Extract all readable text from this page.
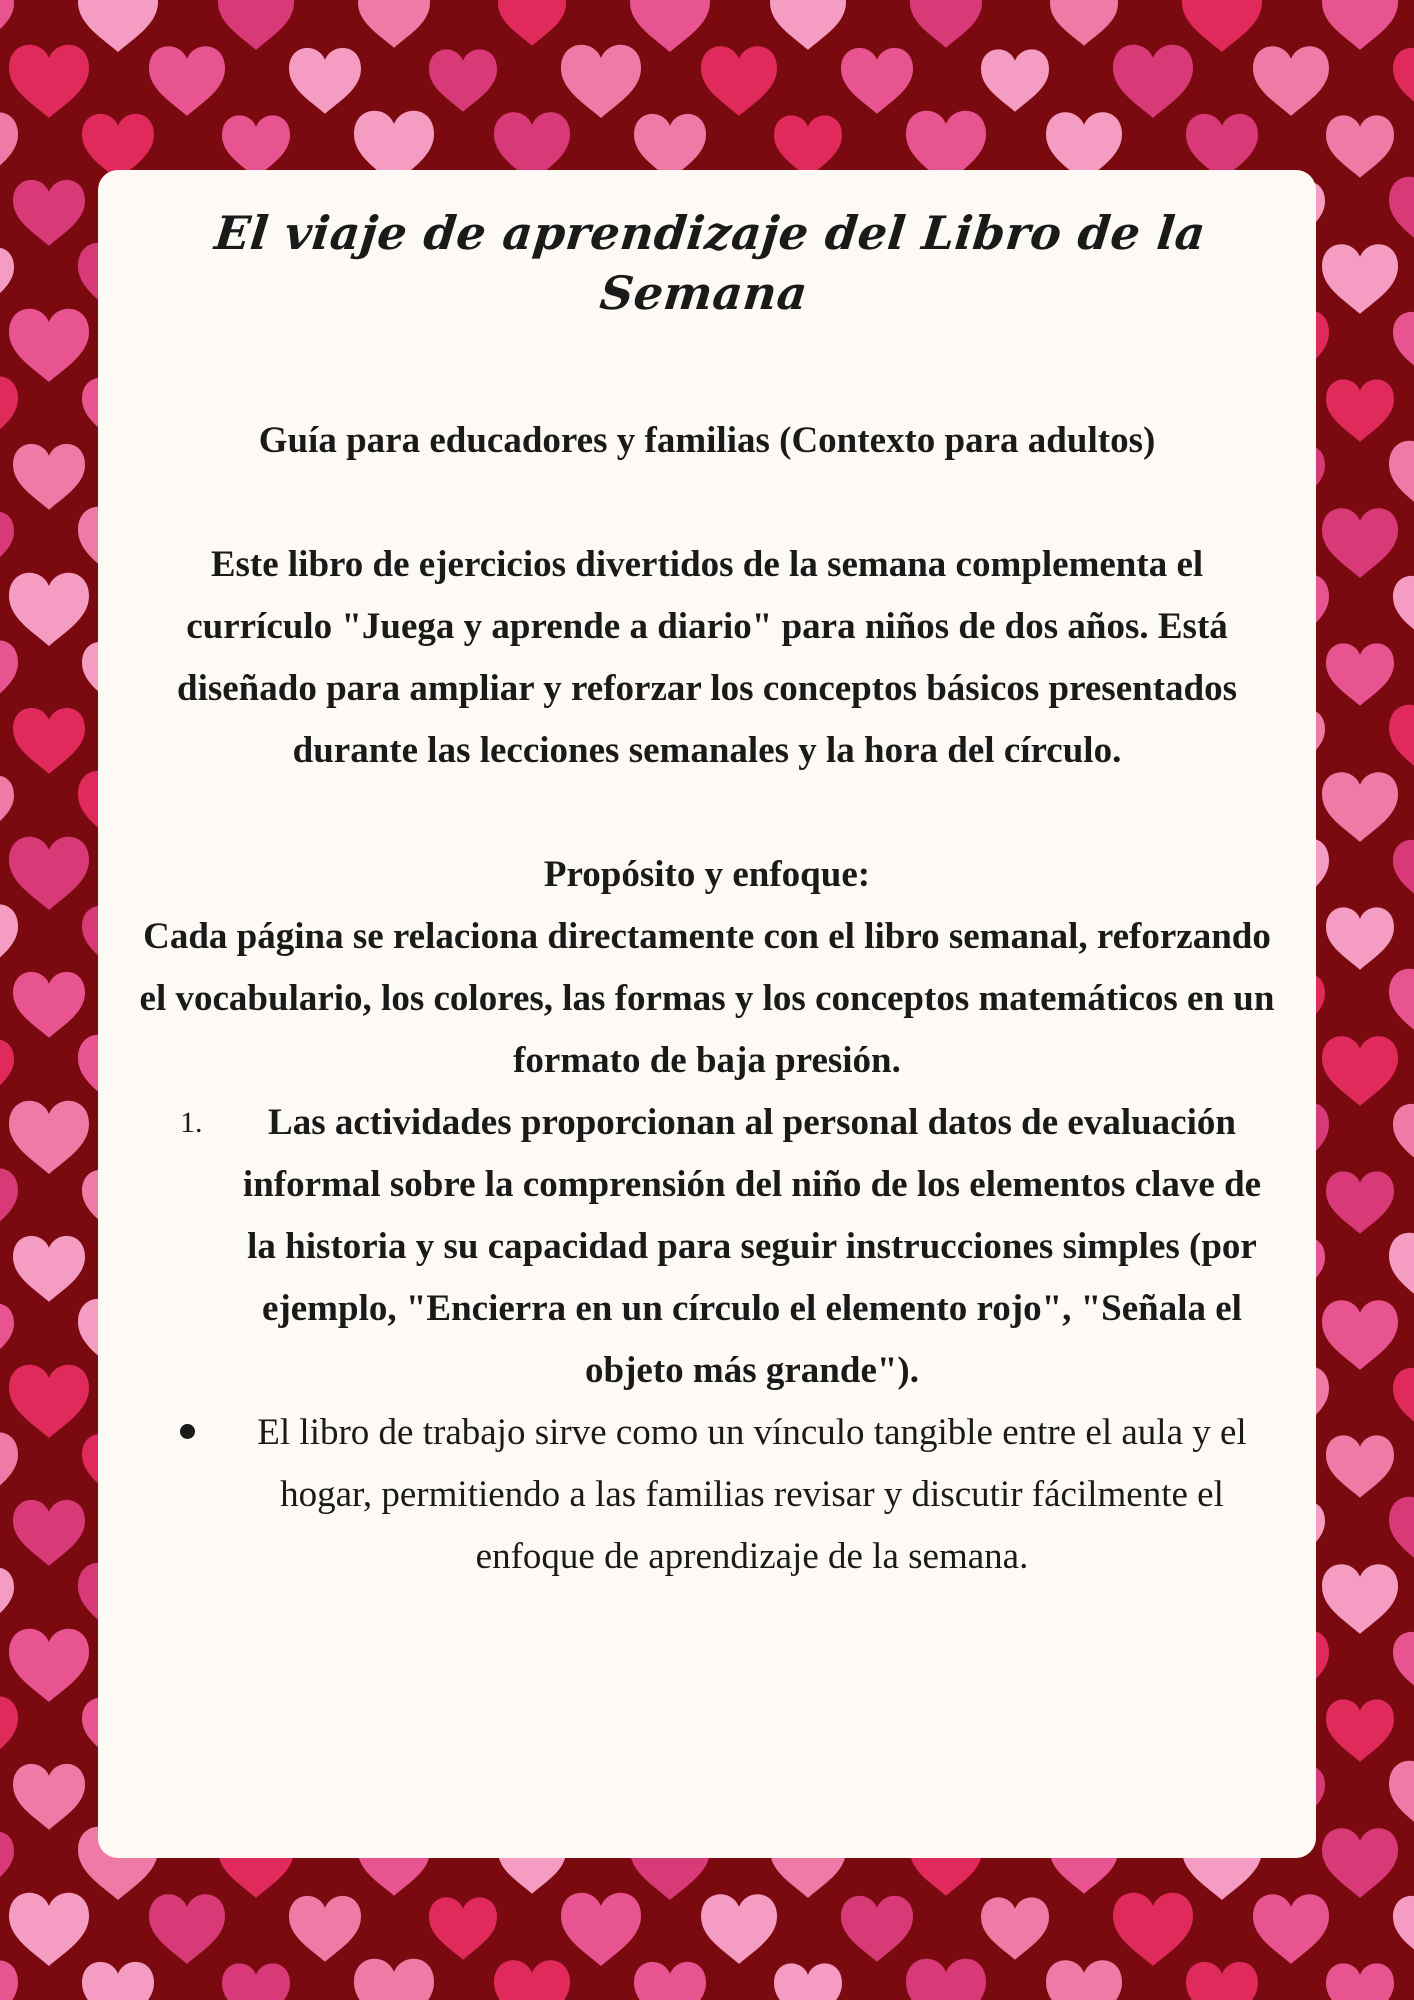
El viaje de aprendizaje del Libro de la Semana
Guía para educadores y familias (Contexto para adultos)
Este libro de ejercicios divertidos de la semana complementa el currículo "Juega y aprende a diario" para niños de dos años. Está diseñado para ampliar y reforzar los conceptos básicos presentados durante las lecciones semanales y la hora del círculo.
Propósito y enfoque:
Cada página se relaciona directamente con el libro semanal, reforzando el vocabulario, los colores, las formas y los conceptos matemáticos en un formato de baja presión.
1. Las actividades proporcionan al personal datos de evaluación informal sobre la comprensión del niño de los elementos clave de la historia y su capacidad para seguir instrucciones simples (por ejemplo, "Encierra en un círculo el elemento rojo", "Señala el objeto más grande").
El libro de trabajo sirve como un vínculo tangible entre el aula y el hogar, permitiendo a las familias revisar y discutir fácilmente el enfoque de aprendizaje de la semana.
